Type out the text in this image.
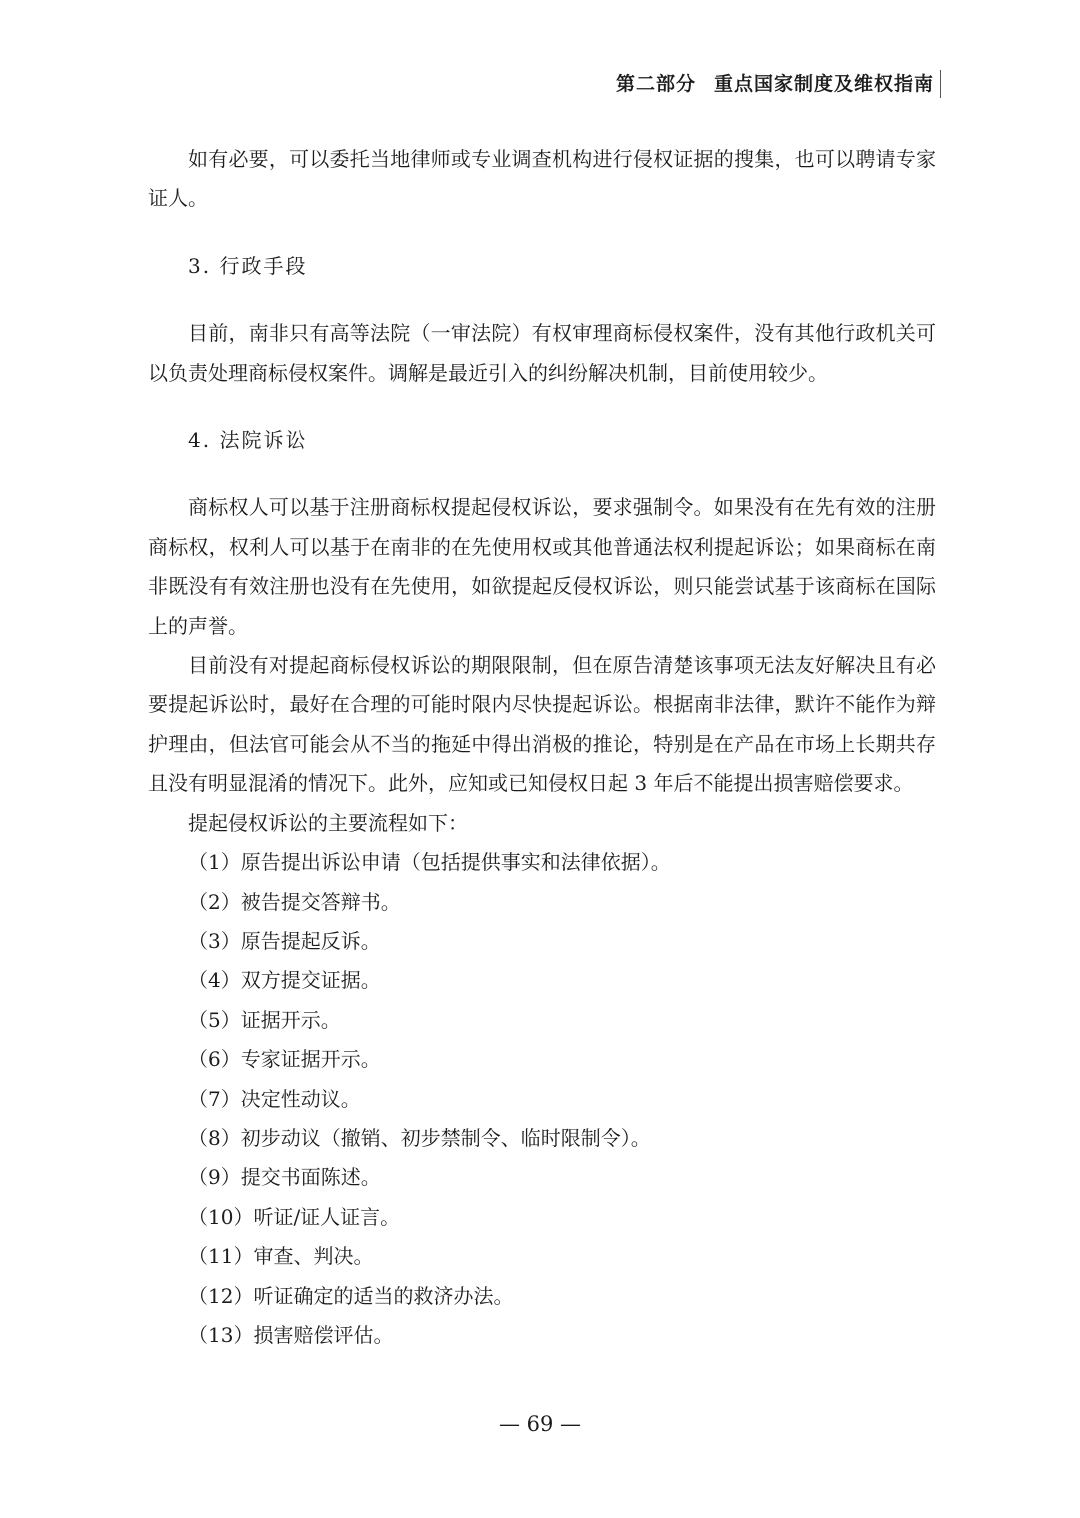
第二部分 重点国家制度及维权指南

如有必要，可以委托当地律师或专业调查机构进行侵权证据的搜集，也可以聘请专家证人。

3. 行政手段

目前，南非只有高等法院（一审法院）有权审理商标侵权案件，没有其他行政机关可以负责处理商标侵权案件。调解是最近引入的纠纷解决机制，目前使用较少。

4. 法院诉讼

商标权人可以基于注册商标权提起侵权诉讼，要求强制令。如果没有在先有效的注册商标权，权利人可以基于在南非的在先使用权或其他普通法权利提起诉讼；如果商标在南非既没有有效注册也没有在先使用，如欲提起反侵权诉讼，则只能尝试基于该商标在国际上的声誉。

目前没有对提起商标侵权诉讼的期限限制，但在原告清楚该事项无法友好解决且有必要提起诉讼时，最好在合理的可能时限内尽快提起诉讼。根据南非法律，默许不能作为辩护理由，但法官可能会从不当的拖延中得出消极的推论，特别是在产品在市场上长期共存且没有明显混淆的情况下。此外，应知或已知侵权日起 3 年后不能提出损害赔偿要求。

提起侵权诉讼的主要流程如下：

（1）原告提出诉讼申请（包括提供事实和法律依据）。
（2）被告提交答辩书。
（3）原告提起反诉。
（4）双方提交证据。
（5）证据开示。
（6）专家证据开示。
（7）决定性动议。
（8）初步动议（撤销、初步禁制令、临时限制令）。
（9）提交书面陈述。
（10）听证/证人证言。
（11）审查、判决。
（12）听证确定的适当的救济办法。
（13）损害赔偿评估。
— 69 —
